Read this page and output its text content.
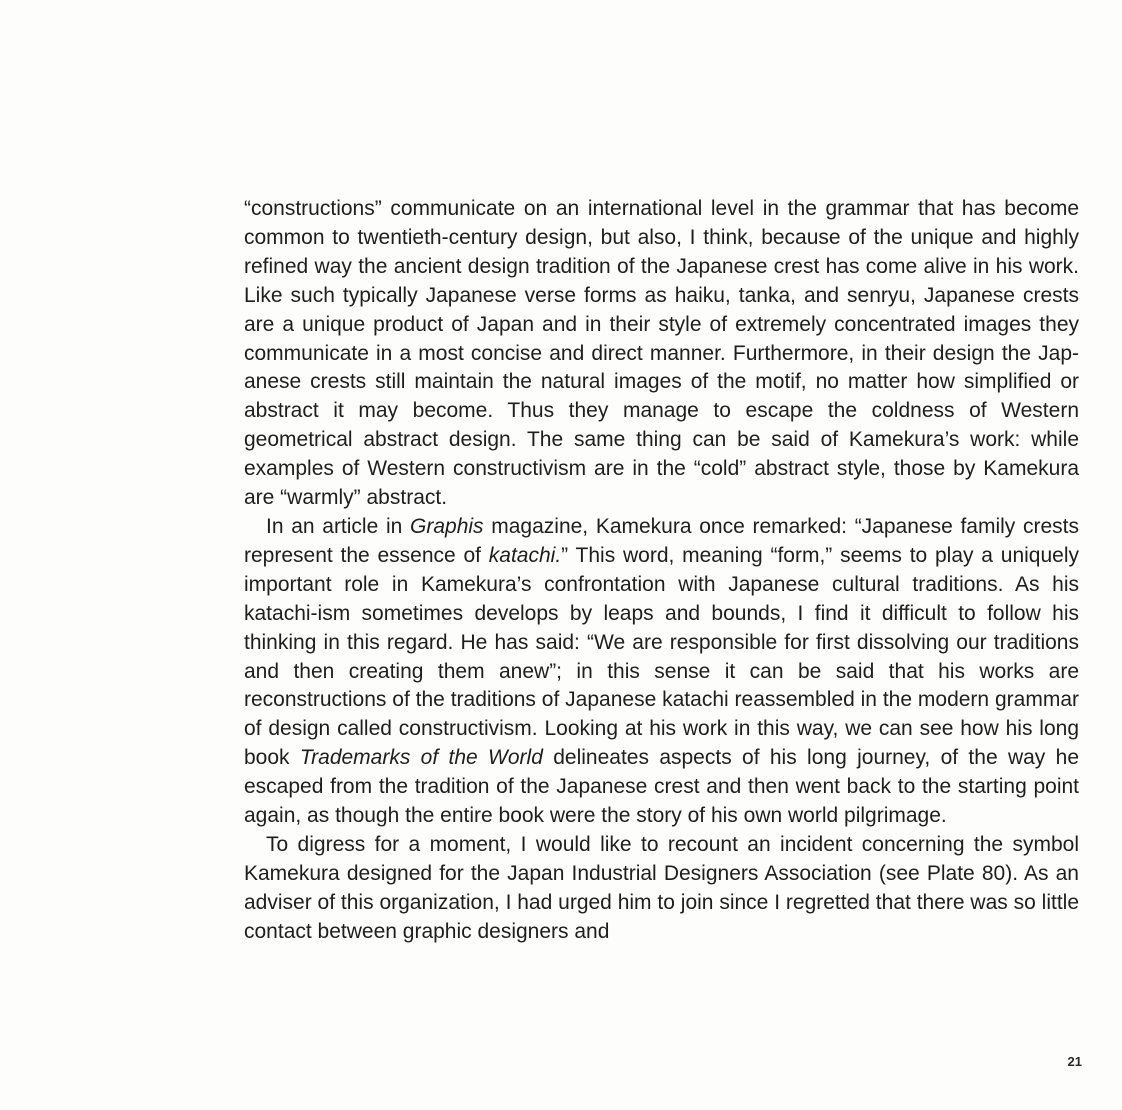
“constructions” communicate on an international level in the grammar that has become common to twentieth-century design, but also, I think, because of the unique and highly refined way the ancient design tradition of the Japanese crest has come alive in his work. Like such typically Japanese verse forms as haiku, tanka, and senryu, Japanese crests are a unique product of Japan and in their style of extremely concentrated images they communicate in a most concise and direct manner. Furthermore, in their design the Japanese crests still maintain the natural images of the motif, no matter how simplified or abstract it may become. Thus they manage to escape the coldness of Western geometrical abstract design. The same thing can be said of Kamekura’s work: while examples of Western constructivism are in the “cold” abstract style, those by Kamekura are “warmly” abstract.

In an article in Graphis magazine, Kamekura once remarked: “Japanese family crests represent the essence of katachi.” This word, meaning “form,” seems to play a uniquely important role in Kamekura’s confrontation with Japanese cultural traditions. As his katachi-ism sometimes develops by leaps and bounds, I find it difficult to follow his thinking in this regard. He has said: “We are responsible for first dissolving our traditions and then creating them anew”; in this sense it can be said that his works are reconstructions of the traditions of Japanese katachi reassembled in the modern grammar of design called constructivism. Looking at his work in this way, we can see how his long book Trademarks of the World delineates aspects of his long journey, of the way he escaped from the tradition of the Japanese crest and then went back to the starting point again, as though the entire book were the story of his own world pilgrimage.

To digress for a moment, I would like to recount an incident concerning the symbol Kamekura designed for the Japan Industrial Designers Association (see Plate 80). As an adviser of this organization, I had urged him to join since I regretted that there was so little contact between graphic designers and

21
